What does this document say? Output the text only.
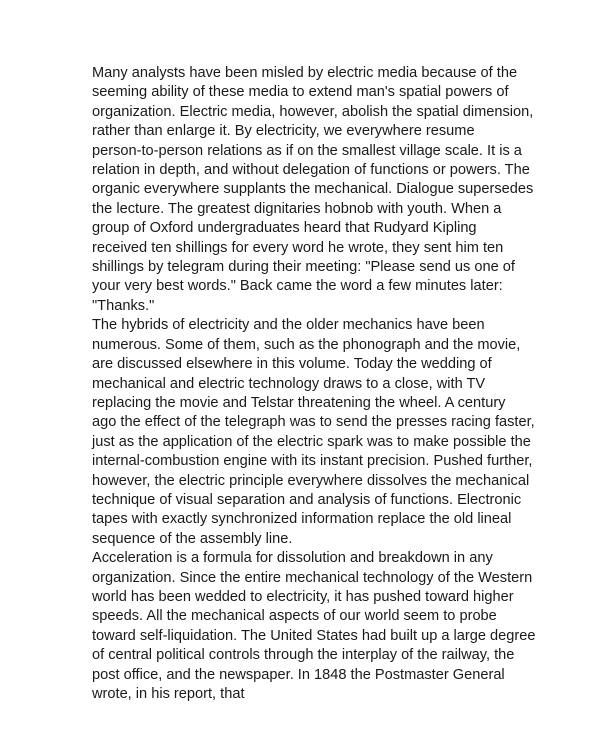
Many analysts have been misled by electric media because of the
seeming ability of these media to extend man's spatial powers of
organization. Electric media, however, abolish the spatial dimension,
rather than enlarge it. By electricity, we everywhere resume
person-to-person relations as if on the smallest village scale. It is a
relation in depth, and without delegation of functions or powers. The
organic everywhere supplants the mechanical. Dialogue supersedes
the lecture. The greatest dignitaries hobnob with youth. When a
group of Oxford undergraduates heard that Rudyard Kipling
received ten shillings for every word he wrote, they sent him ten
shillings by telegram during their meeting: "Please send us one of
your very best words." Back came the word a few minutes later:
"Thanks."

The hybrids of electricity and the older mechanics have been
numerous. Some of them, such as the phonograph and the movie,
are discussed elsewhere in this volume. Today the wedding of
mechanical and electric technology draws to a close, with TV
replacing the movie and Telstar threatening the wheel. A century
ago the effect of the telegraph was to send the presses racing faster,
just as the application of the electric spark was to make possible the
internal-combustion engine with its instant precision. Pushed further,
however, the electric principle everywhere dissolves the mechanical
technique of visual separation and analysis of functions. Electronic
tapes with exactly synchronized information replace the old lineal
sequence of the assembly line.

Acceleration is a formula for dissolution and breakdown in any
organization. Since the entire mechanical technology of the Western
world has been wedded to electricity, it has pushed toward higher
speeds. All the mechanical aspects of our world seem to probe
toward self-liquidation. The United States had built up a large degree
of central political controls through the interplay of the railway, the
post office, and the newspaper. In 1848 the Postmaster General
wrote, in his report, that
